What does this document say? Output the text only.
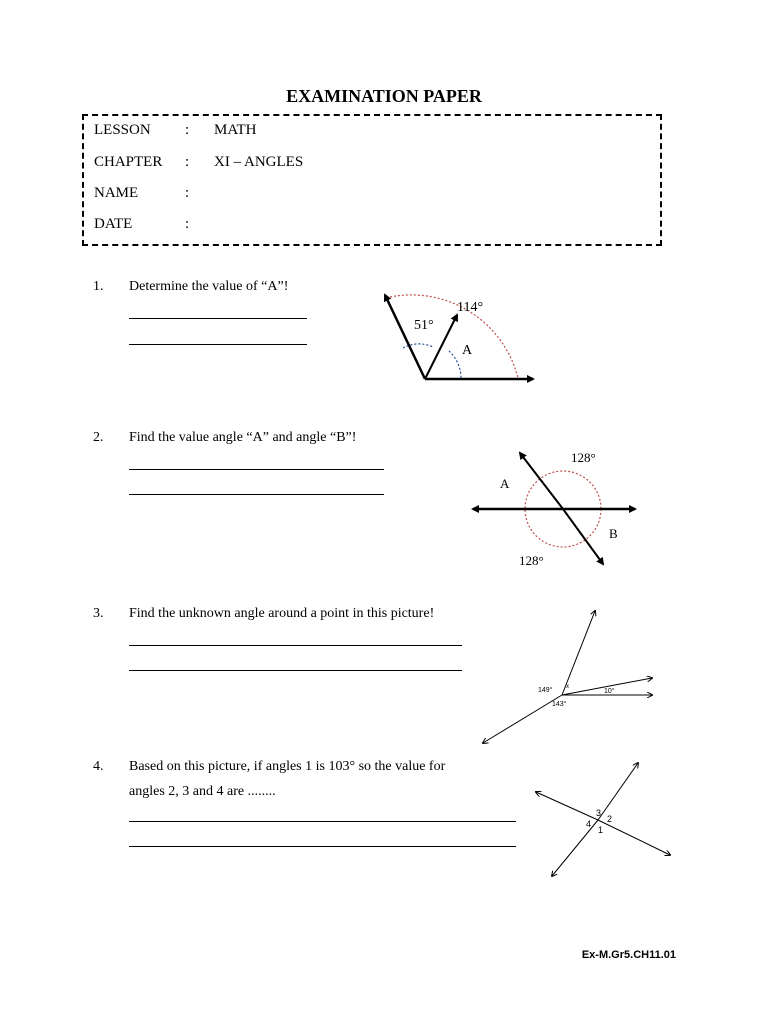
EXAMINATION PAPER
LESSON : MATH
CHAPTER : XI – ANGLES
NAME	:
DATE	:
1. Determine the value of “A”!
114°
51°
A
2. Find the value angle “A” and angle “B”!
128°
128°
A
B
3. Find the unknown angle around a point in this picture!
149°
x
10°
143°
4. Based on this picture, if angles 1 is 103° so the value for
angles 2, 3 and 4 are ........
1
2
3
4
Ex-M.Gr5.CH11.01
